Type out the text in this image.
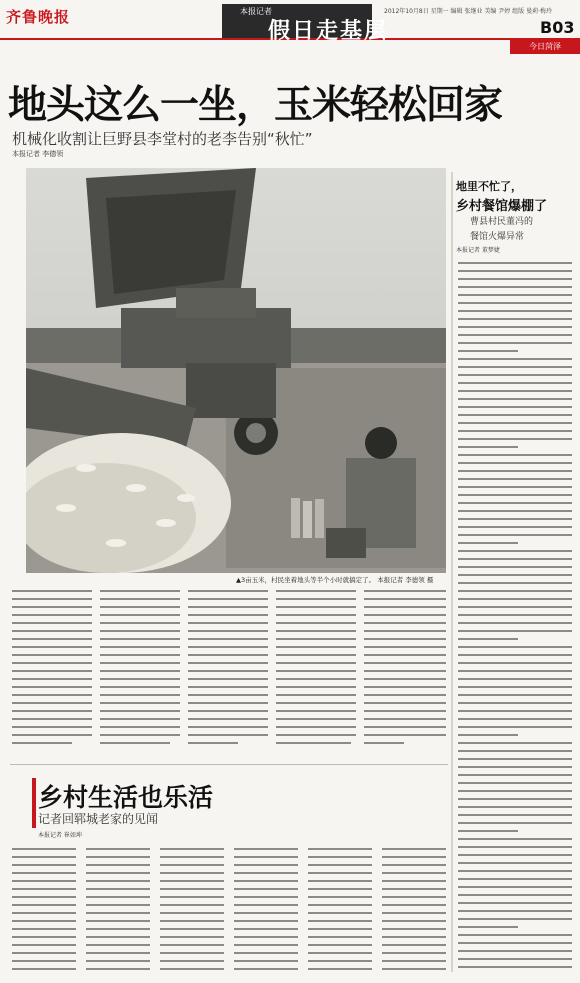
齐鲁晚报	本报记者
假日走基层
2012年10月8日 星期一 编辑 张继业 美编 尹婷 组版 曼莉·梅玲
B03
今日菏泽
地头这么一坐，玉米轻松回家
机械化收割让巨野县李堂村的老李告别“秋忙”
本报记者 李德领
▲3亩玉米，村民坐着地头等半个小时就搞定了。 本报记者 李德领 摄
地里不忙了，
乡村餐馆爆棚了
曹县村民董冯的
餐馆火爆异常
本报记者 董梦婕
乡村生活也乐活
记者回郓城老家的见闻
本报记者 崔如坤
